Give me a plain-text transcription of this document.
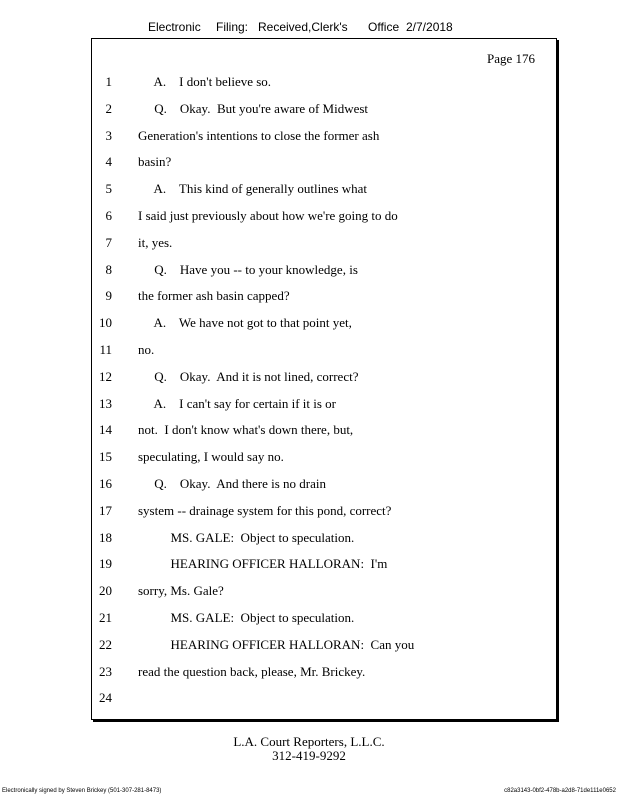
Electronic Filing: Received,Clerk's Office 2/7/2018
Page 176
1 A.    I don't believe so.
2 Q.    Okay.  But you're aware of Midwest
3 Generation's intentions to close the former ash
4 basin?
5 A.    This kind of generally outlines what
6 I said just previously about how we're going to do
7 it, yes.
8 Q.    Have you -- to your knowledge, is
9 the former ash basin capped?
10 A.    We have not got to that point yet,
11 no.
12 Q.    Okay.  And it is not lined, correct?
13 A.    I can't say for certain if it is or
14 not.  I don't know what's down there, but,
15 speculating, I would say no.
16 Q.    Okay.  And there is no drain
17 system -- drainage system for this pond, correct?
18 MS. GALE:  Object to speculation.
19 HEARING OFFICER HALLORAN:  I'm
20 sorry, Ms. Gale?
21 MS. GALE:  Object to speculation.
22 HEARING OFFICER HALLORAN:  Can you
23 read the question back, please, Mr. Brickey.
24
L.A. Court Reporters, L.L.C.
312-419-9292
Electronically signed by Steven Brickey (501-307-281-8473)	c82a3143-0bf2-478b-a2d8-71de111e0652
